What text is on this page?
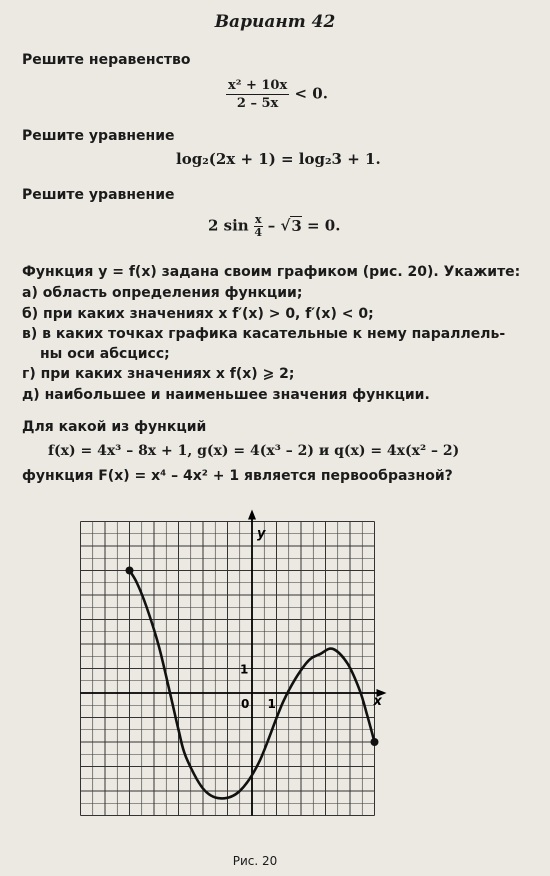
Вариант 42
Решите неравенство
$\frac{\text{x² + 10x}}{2 - 5x} < 0$.
Решите уравнение
log₂(2x + 1) = log₂3 + 1.
Решите уравнение
2 $\sin \frac{x}{4} - √3 = 0$.
Функция y = f(x) задана своим графиком (рис. 20). Укажите:
а) область определения функции;
б) при каких значениях x f′(x) > 0, f′(x) < 0;
в) в каких точках графика касательные к нему параллель-
ны оси абсцисс;
г) при каких значениях x f(x) ⩾ 2;
д) наибольшее и наименьшее значения функции.
Для какой из функций
f(x) = 4x³ – 8x + 1, g(x) = 4(x³ – 2) и q(x) = 4x(x² – 2)
функция F(x) = x⁴ – 4x² + 1 является первообразной?
y
x
0 1
1
Рис. 20
